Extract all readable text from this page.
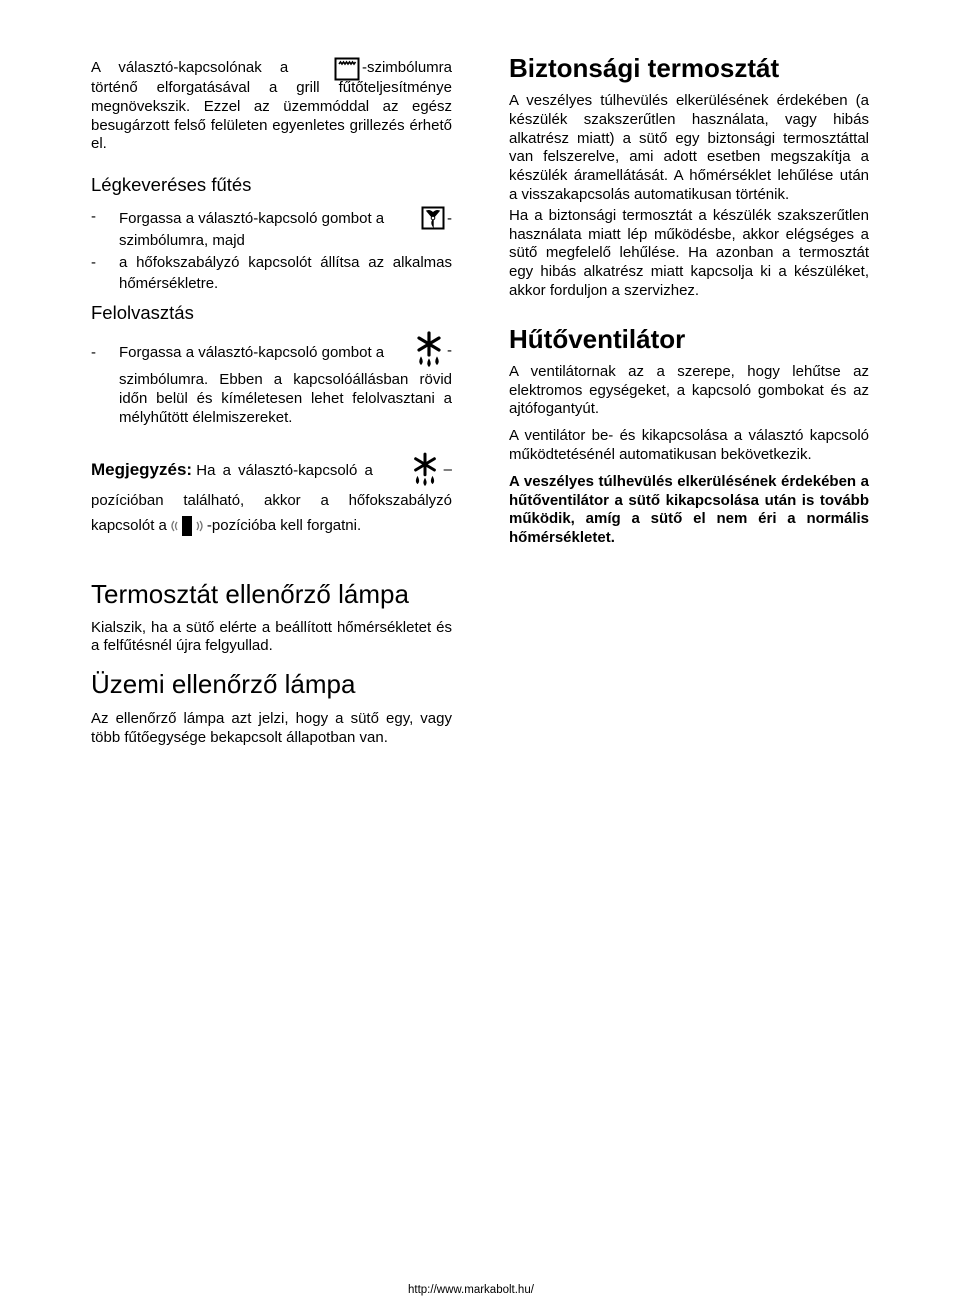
A választó-kapcsolónak a	-szimbólumra

történő elforgatásával a grill fűtőteljesítménye megnövekszik. Ezzel az üzemmóddal az egész besugárzott felső felületen egyenletes grillezés érhető el.

Légkeveréses fűtés
-	Forgassa a választó-kapcsoló gombot a	-
szimbólumra, majd
-	a hőfokszabályzó kapcsolót állítsa az alkalmas hőmérsékletre.
Felolvasztás
-	Forgassa a választó-kapcsoló gombot a	-
szimbólumra. Ebben a kapcsolóállásban rövid időn belül és kíméletesen lehet felolvasztani a mélyhűtött élelmiszereket.
Megjegyzés: Ha a választó-kapcsoló a	–
pozícióban található, akkor a hőfokszabályzó
kapcsolót a	-pozícióba kell forgatni.
Termosztát ellenőrző lámpa

Kialszik, ha a sütő elérte a beállított hőmérsékletet és a felfűtésnél újra felgyullad.

Üzemi ellenőrző lámpa

Az ellenőrző lámpa azt jelzi, hogy a sütő egy, vagy több fűtőegysége bekapcsolt állapotban van.

Biztonsági termosztát

A veszélyes túlhevülés elkerülésének érdekében (a készülék szakszerűtlen használata, vagy hibás alkatrész miatt) a sütő egy biztonsági termosztáttal van felszerelve, ami adott esetben megszakítja a készülék áramellátását. A hőmérséklet lehűlése után a visszakapcsolás automatikusan történik.

Ha a biztonsági termosztát a készülék szakszerűtlen használata miatt lép működésbe, akkor elégséges a sütő megfelelő lehűlése. Ha azonban a termosztát egy hibás alkatrész miatt kapcsolja ki a készüléket, akkor forduljon a szervizhez.

Hűtőventilátor

A ventilátornak az a szerepe, hogy lehűtse az elektromos egységeket, a kapcsoló gombokat és az ajtófogantyút.

A ventilátor be- és kikapcsolása a választó kapcsoló működtetésénél automatikusan bekövetkezik.

A veszélyes túlhevülés elkerülésének érdekében a hűtőventilátor a sütő kikapcsolása után is tovább működik, amíg a sütő el nem éri a normális hőmérsékletet.

http://www.markabolt.hu/
